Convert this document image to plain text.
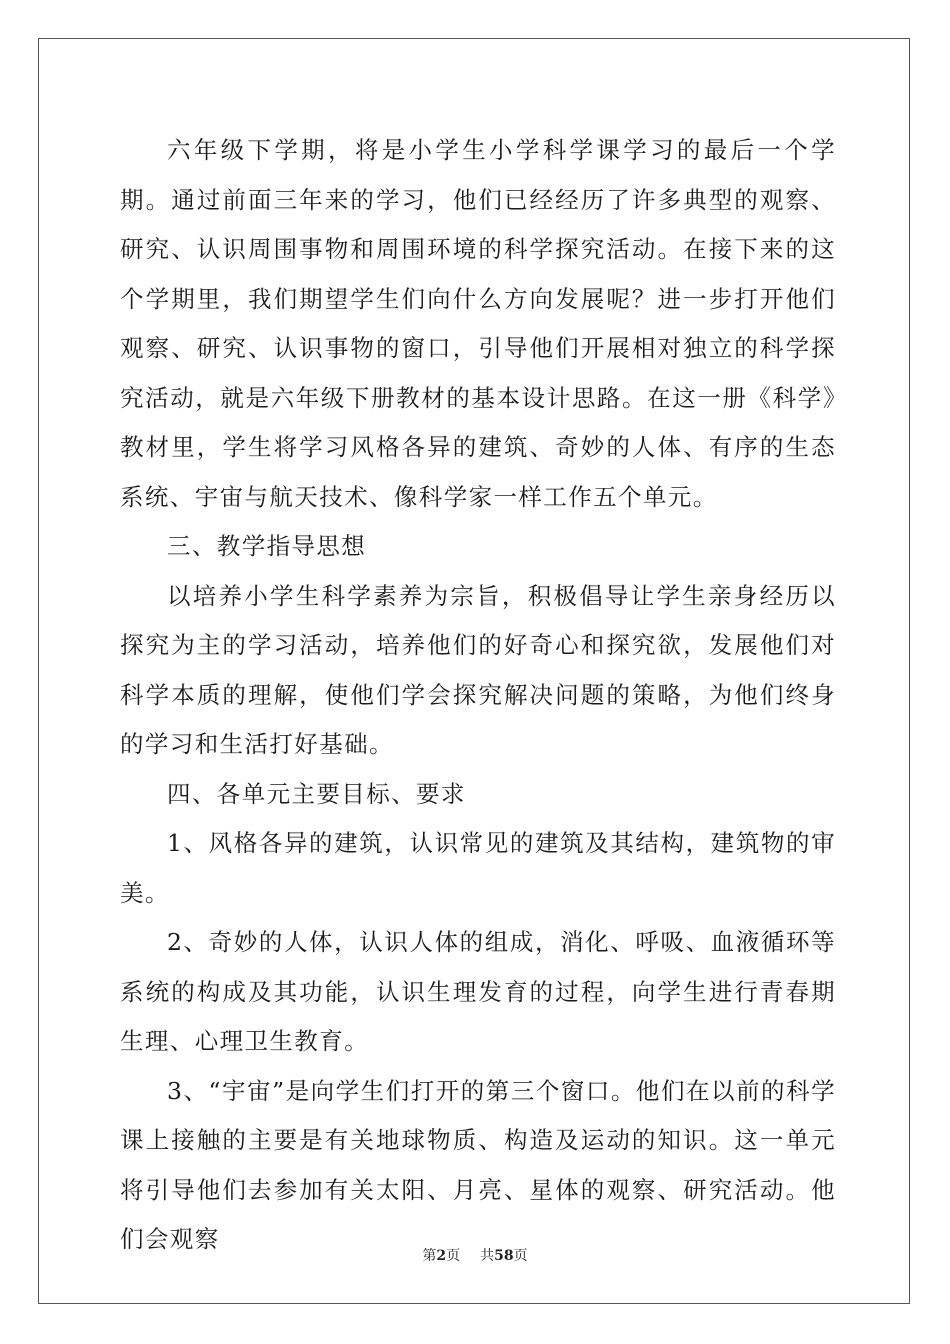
六年级下学期，将是小学生小学科学课学习的最后一个学期。通过前面三年来的学习，他们已经经历了许多典型的观察、研究、认识周围事物和周围环境的科学探究活动。在接下来的这个学期里，我们期望学生们向什么方向发展呢？进一步打开他们观察、研究、认识事物的窗口，引导他们开展相对独立的科学探究活动，就是六年级下册教材的基本设计思路。在这一册《科学》教材里，学生将学习风格各异的建筑、奇妙的人体、有序的生态系统、宇宙与航天技术、像科学家一样工作五个单元。

三、教学指导思想

以培养小学生科学素养为宗旨，积极倡导让学生亲身经历以探究为主的学习活动，培养他们的好奇心和探究欲，发展他们对科学本质的理解，使他们学会探究解决问题的策略，为他们终身的学习和生活打好基础。

四、各单元主要目标、要求

1、风格各异的建筑，认识常见的建筑及其结构，建筑物的审美。

2、奇妙的人体，认识人体的组成，消化、呼吸、血液循环等系统的构成及其功能，认识生理发育的过程，向学生进行青春期生理、心理卫生教育。

3、“宇宙”是向学生们打开的第三个窗口。他们在以前的科学课上接触的主要是有关地球物质、构造及运动的知识。这一单元将引导他们去参加有关太阳、月亮、星体的观察、研究活动。他们会观察

第2页 共58页
